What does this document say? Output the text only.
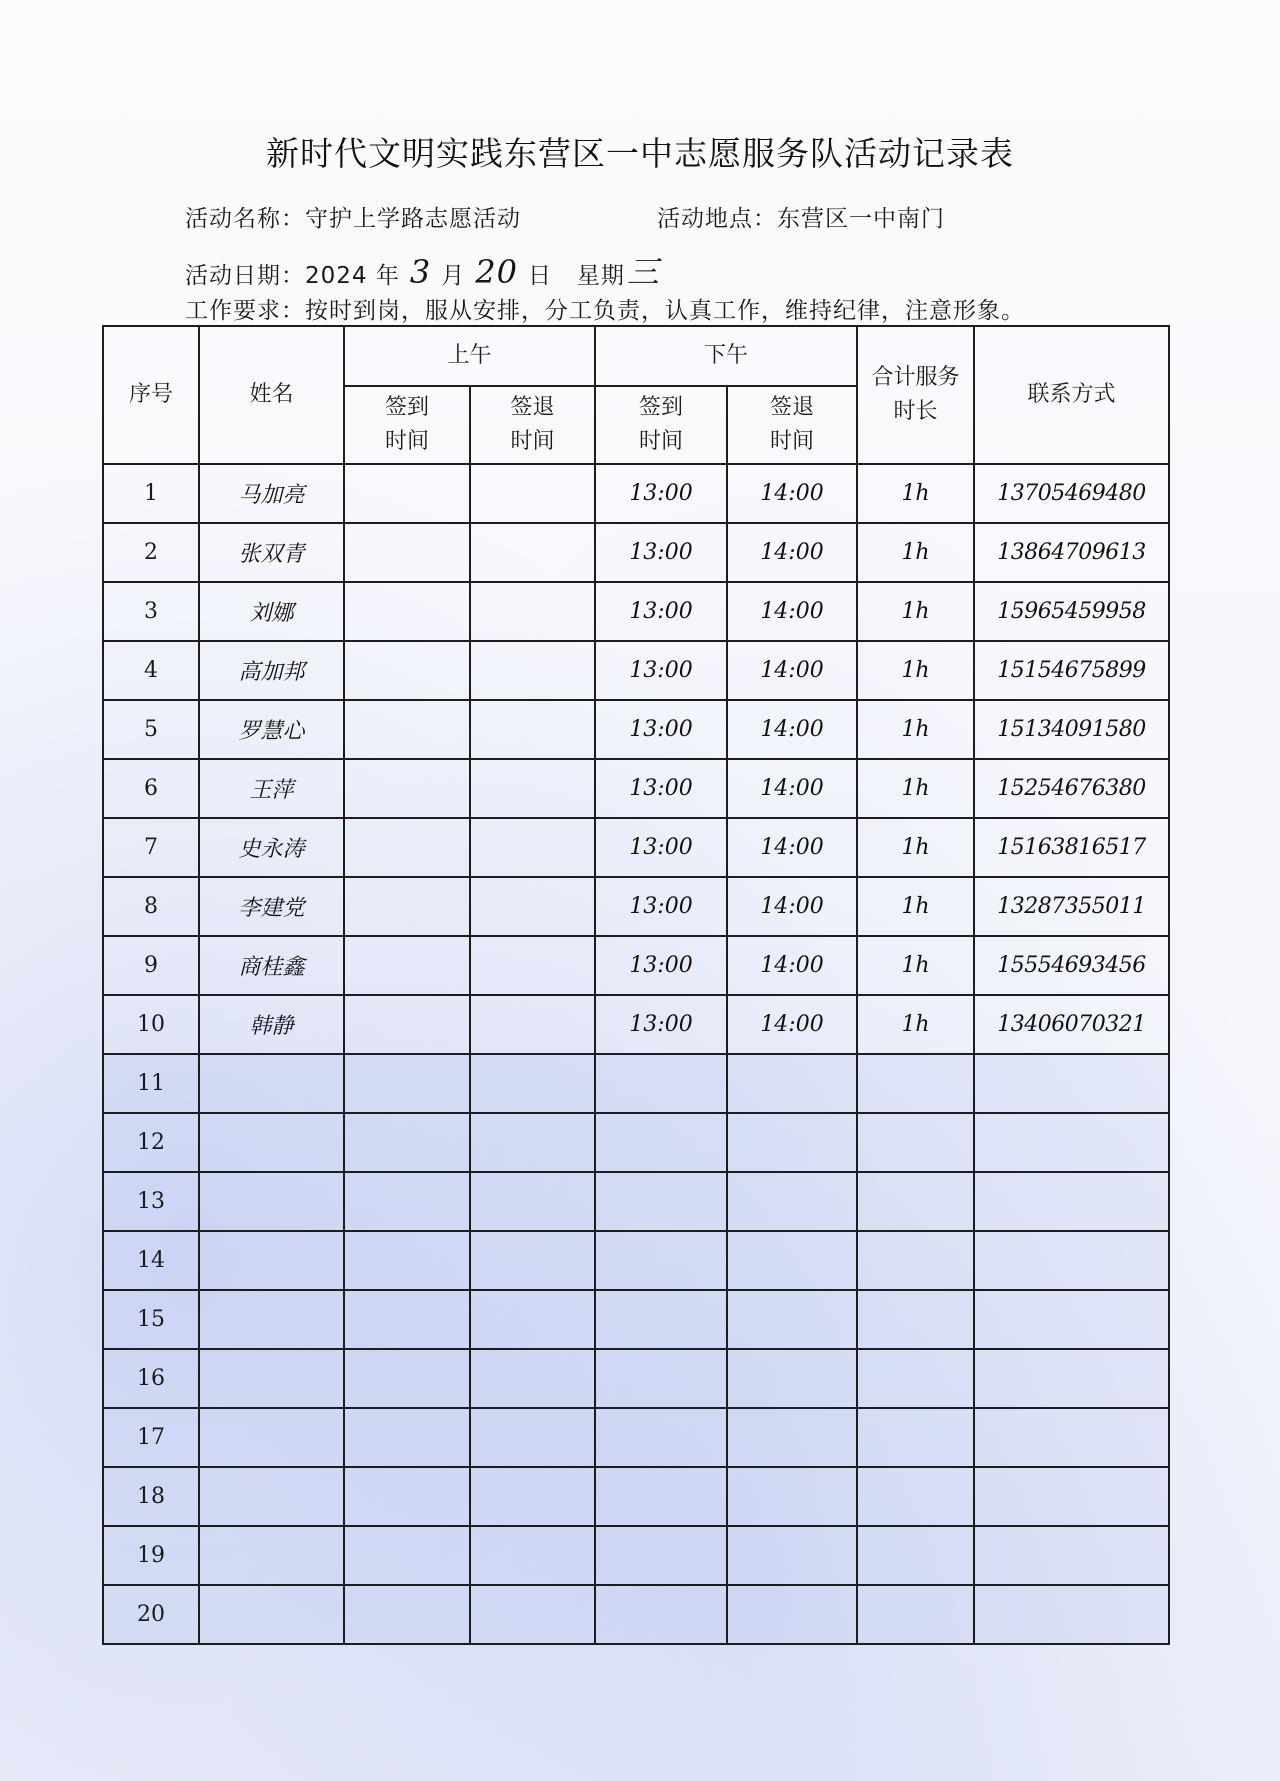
新时代文明实践东营区一中志愿服务队活动记录表
活动名称：守护上学路志愿活动	活动地点：东营区一中南门
活动日期：2024 年 3 月 20 日 星期三
工作要求：按时到岗，服从安排，分工负责，认真工作，维持纪律，注意形象。
序号	姓名	上午		下午		合计服务时长	联系方式

		签到时间	签退时间	签到时间	签退时间		

1	马加亮			13:00	14:00	1h	13705469480
2	张双青			13:00	14:00	1h	13864709613
3	刘娜			13:00	14:00	1h	15965459958
4	高加邦			13:00	14:00	1h	15154675899
5	罗慧心			13:00	14:00	1h	15134091580
6	王萍			13:00	14:00	1h	15254676380
7	史永涛			13:00	14:00	1h	15163816517
8	李建党			13:00	14:00	1h	13287355011
9	商桂鑫			13:00	14:00	1h	15554693456
10	韩静			13:00	14:00	1h	13406070321
11							
12							
13							
14							
15							
16							
17							
18							
19							
20							
